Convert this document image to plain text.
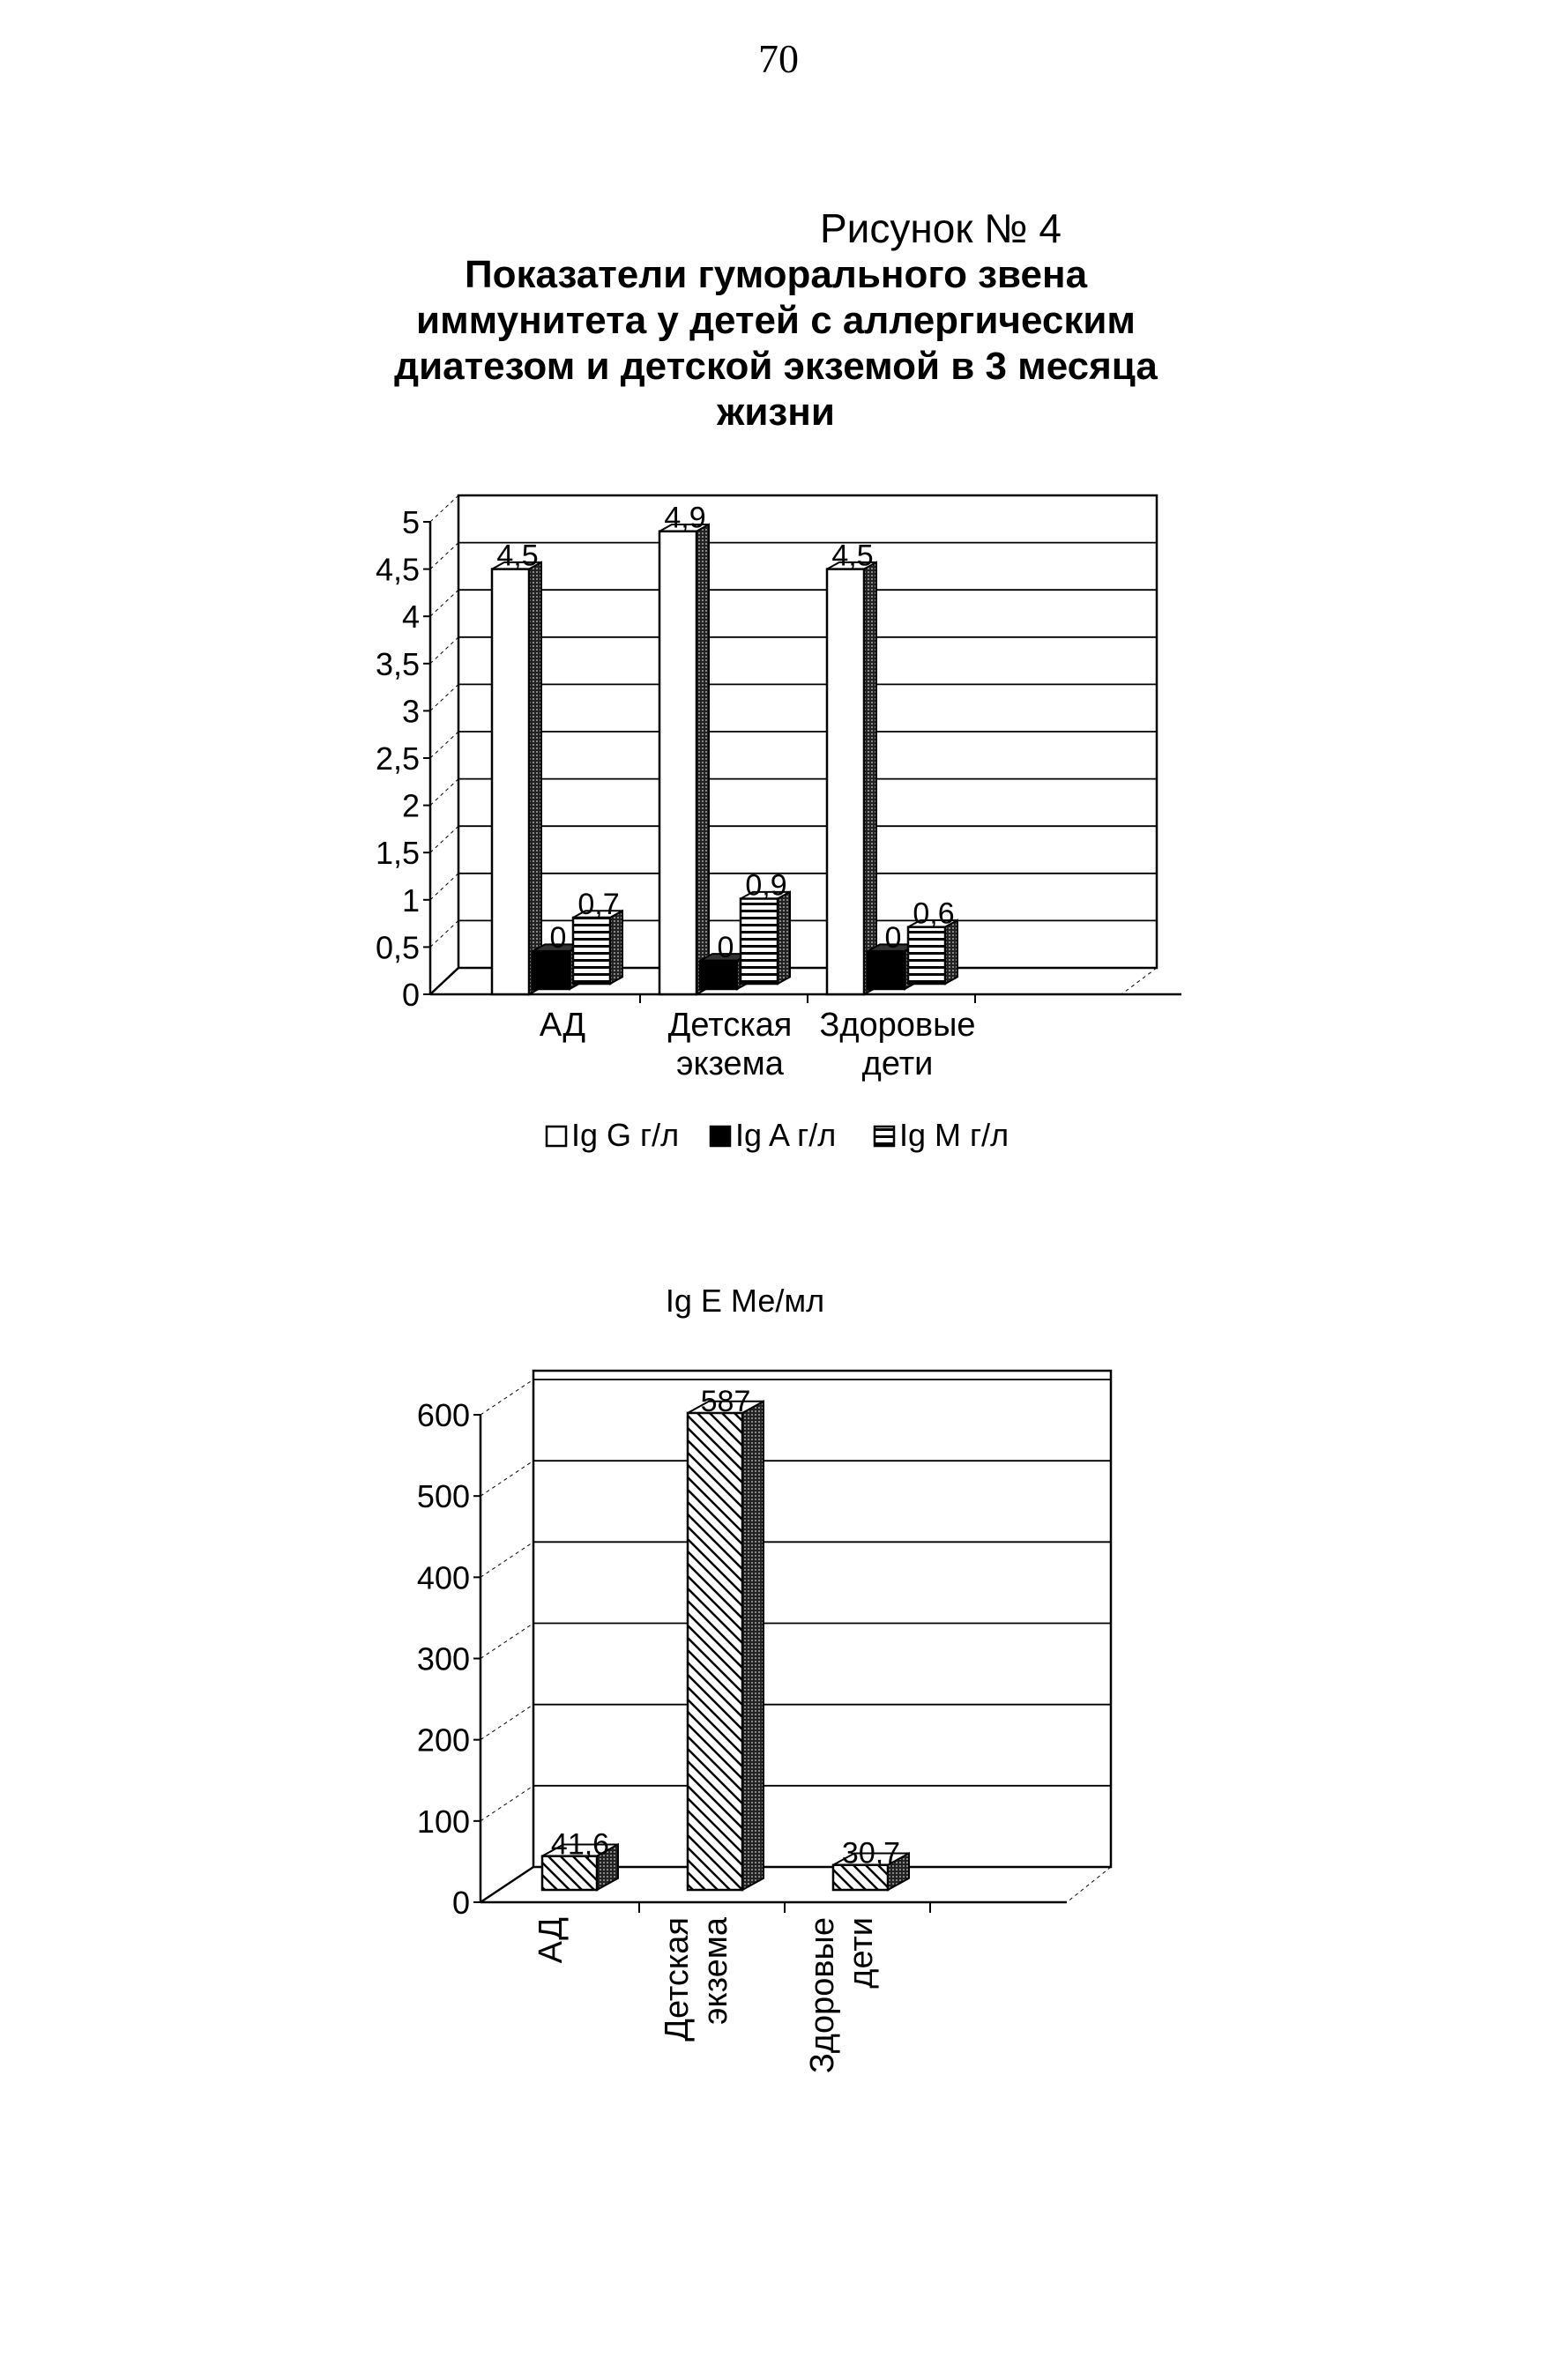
70
Рисунок № 4
Показатели гуморального звена иммунитета у детей с аллергическим диатезом и детской экземой в 3 месяца жизни
0
0,5
1
1,5
2
2,5
3
3,5
4
4,5
5
4,5
0
0,7
АД
4,9
0
0,9
Детская
экзема
4,5
0
0,6
Здоровые
дети
Ig G г/л Ig A г/л Ig M г/л
Ig E Ме/мл
0
100
200
300
400
500
600
41,6
АД
587
Детская экзема
30,7
Здоровые дети
